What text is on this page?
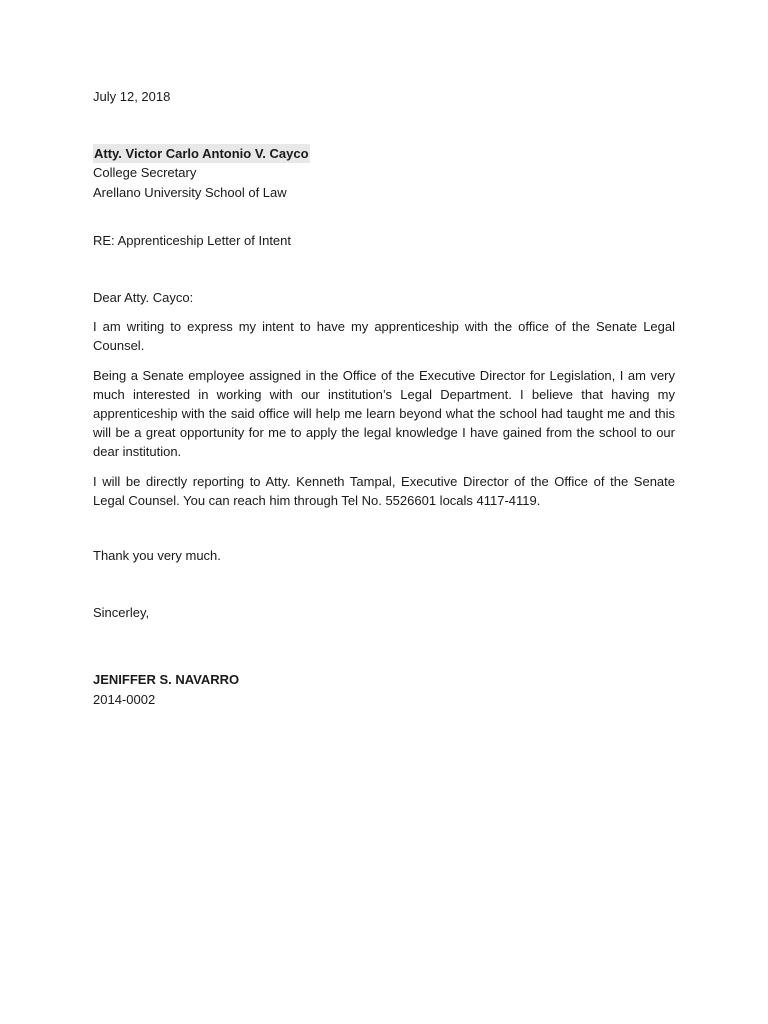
July 12, 2018
Atty. Victor Carlo Antonio V. Cayco
College Secretary
Arellano University School of Law
RE: Apprenticeship Letter of Intent
Dear Atty. Cayco:

I am writing to express my intent to have my apprenticeship with the office of the Senate Legal Counsel.

Being a Senate employee assigned in the Office of the Executive Director for Legislation, I am very much interested in working with our institution’s Legal Department. I believe that having my apprenticeship with the said office will help me learn beyond what the school had taught me and this will be a great opportunity for me to apply the legal knowledge I have gained from the school to our dear institution.

I will be directly reporting to Atty. Kenneth Tampal, Executive Director of the Office of the Senate Legal Counsel. You can reach him through Tel No. 5526601 locals 4117-4119.

Thank you very much.
Sincerley,
JENIFFER S. NAVARRO
2014-0002
